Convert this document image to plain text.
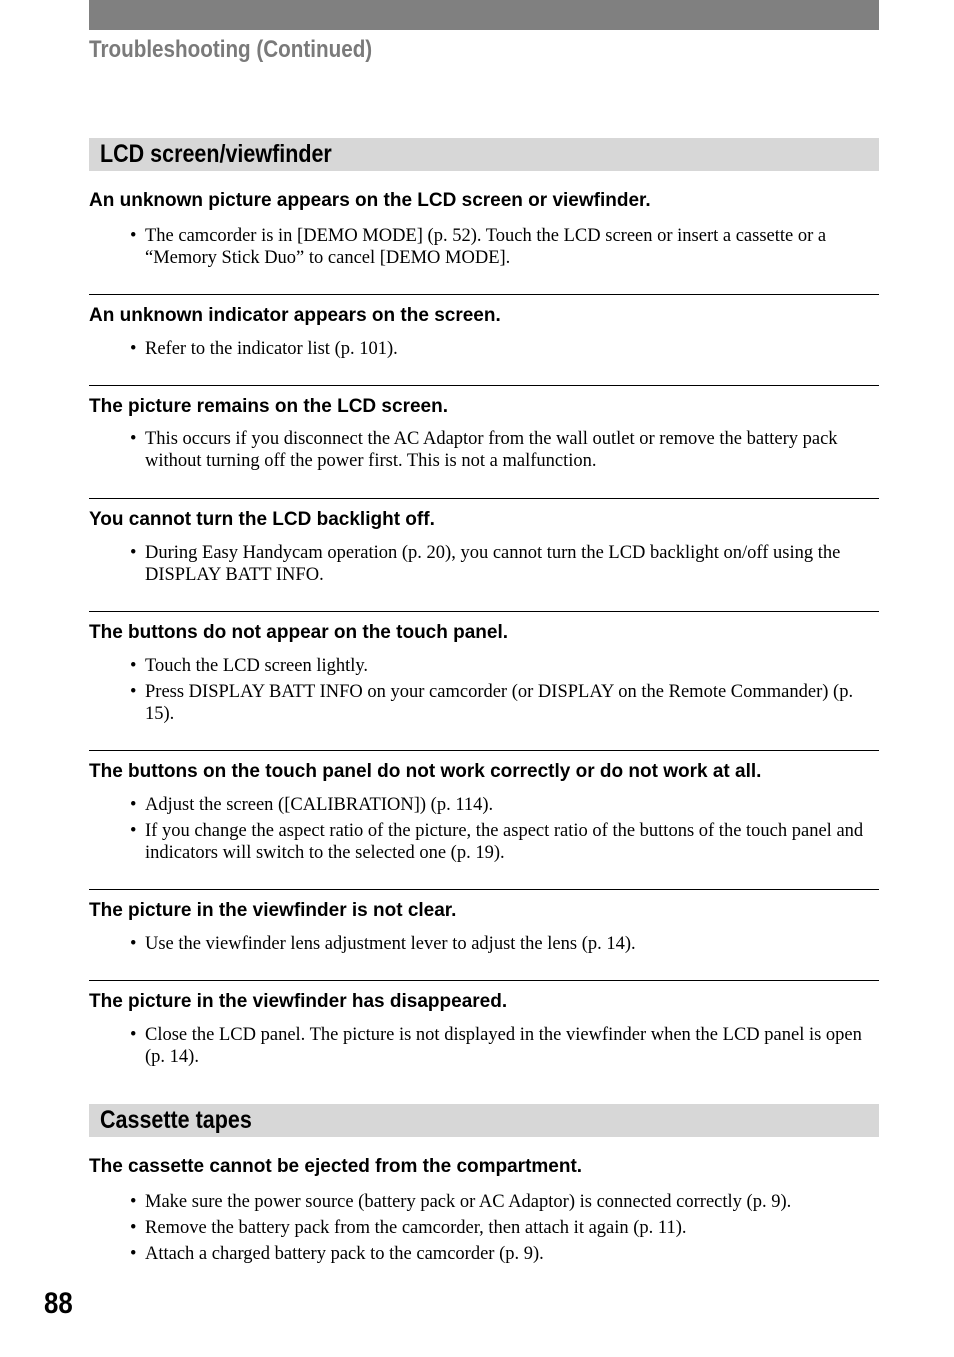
Troubleshooting (Continued)
LCD screen/viewfinder
An unknown picture appears on the LCD screen or viewfinder.
• The camcorder is in [DEMO MODE] (p. 52). Touch the LCD screen or insert a cassette or a “Memory Stick Duo” to cancel [DEMO MODE].
An unknown indicator appears on the screen.
• Refer to the indicator list (p. 101).
The picture remains on the LCD screen.
• This occurs if you disconnect the AC Adaptor from the wall outlet or remove the battery pack without turning off the power first. This is not a malfunction.
You cannot turn the LCD backlight off.
• During Easy Handycam operation (p. 20), you cannot turn the LCD backlight on/off using the DISPLAY BATT INFO.
The buttons do not appear on the touch panel.
• Touch the LCD screen lightly.
• Press DISPLAY BATT INFO on your camcorder (or DISPLAY on the Remote Commander) (p. 15).
The buttons on the touch panel do not work correctly or do not work at all.
• Adjust the screen ([CALIBRATION]) (p. 114).
• If you change the aspect ratio of the picture, the aspect ratio of the buttons of the touch panel and indicators will switch to the selected one (p. 19).
The picture in the viewfinder is not clear.
• Use the viewfinder lens adjustment lever to adjust the lens (p. 14).
The picture in the viewfinder has disappeared.
• Close the LCD panel. The picture is not displayed in the viewfinder when the LCD panel is open (p. 14).
Cassette tapes
The cassette cannot be ejected from the compartment.
• Make sure the power source (battery pack or AC Adaptor) is connected correctly (p. 9).
• Remove the battery pack from the camcorder, then attach it again (p. 11).
• Attach a charged battery pack to the camcorder (p. 9).
88
